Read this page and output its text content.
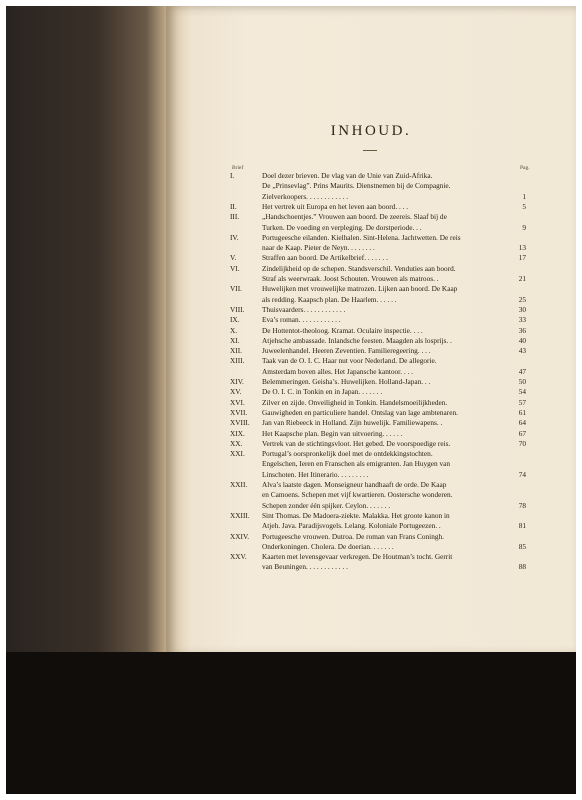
INHOUD.
Brief	Pag.
I.	Doel dezer brieven. De vlag van de Unie van Zuid-Afrika.
De „Prinsevlag”. Prins Maurits. Dienstnemen bij de Compagnie.
Zielverkoopers. . . . . . . . . . . .	1
II.	Het vertrek uit Europa en het leven aan boord. . . .	5
III.	„Handschoentjes.” Vrouwen aan boord. De zeereis. Slaaf bij de
Turken. De voeding en verpleging. De dorstperiode. . .	9
IV.	Portugeesche eilanden. Kielhalen. Sint-Helena. Jachtwetten. De reis
naar de Kaap. Pieter de Neyn. . . . . . . .	13
V.	Straffen aan boord. De Artikelbrief. . . . . . .	17
VI.	Zindelijkheid op de schepen. Standsverschil. Venduties aan boord.
Straf als weerwraak. Joost Schouten. Vrouwen als matroos. .	21
VII.	Huwelijken met vrouwelijke matrozen. Lijken aan boord. De Kaap
als redding. Kaapsch plan. De Haarlem. . . . . .	25
VIII. Thuisvaarders. . . . . . . . . . . .	30
IX.	Eva’s roman. . . . . . . . . . . .	33
X.	De Hottentot-theoloog. Kramat. Oculaire inspectie. . . .	36
XI.	Atjehsche ambassade. Inlandsche feesten. Maagden als losprijs. .	40
XII.	Juweelenhandel. Heeren Zeventien. Familieregeering. . . .	43
XIII. Taak van de O. I. C. Haar nut voor Nederland. De allegorie.
Amsterdam boven alles. Het Japansche kantoor. . . .	47
XIV. Belemmeringen. Geisha’s. Huwelijken. Holland-Japan. . .	50
XV.	De O. I. C. in Tonkin en in Japan. . . . . . .	54
XVI. Zilver en zijde. Onveiligheid in Tonkin. Handelsmoeilijkheden.	57
XVII. Gauwigheden en particuliere handel. Ontslag van lage ambtenaren.	61
XVIII. Jan van Riebeeck in Holland. Zijn huwelijk. Familiewapens. .	64
XIX. Het Kaapsche plan. Begin van uitvoering. . . . . .	67
XX.	Vertrek van de stichtingsvloot. Het gebed. De voorspoedige reis.	70
XXI. Portugal’s oorspronkelijk doel met de ontdekkingstochten.
Engelschen, Ieren en Franschen als emigranten. Jan Huygen van
Linschoten. Het Itinerario. . . . . . . . .	74
XXII. Alva’s laatste dagen. Monseigneur handhaaft de orde. De Kaap
en Camoens. Schepen met vijf kwartieren. Oostersche wonderen.
Schepen zonder één spijker. Ceylon. . . . . . .	78
XXIII. Sint Thomas. De Madoera-ziekte. Malakka. Het groote kanon in
Atjeh. Java. Paradijsvogels. Lelang. Koloniale Portugeezen. .	81
XXIV. Portugeesche vrouwen. Dutroa. De roman van Frans Coningh.
Onderkoningen. Cholera. De doerian. . . . . . .	85
XXV. Kaarten met levensgevaar verkregen. De Houtman’s tocht. Gerrit
van Beuningen. . . . . . . . . . . .	88
